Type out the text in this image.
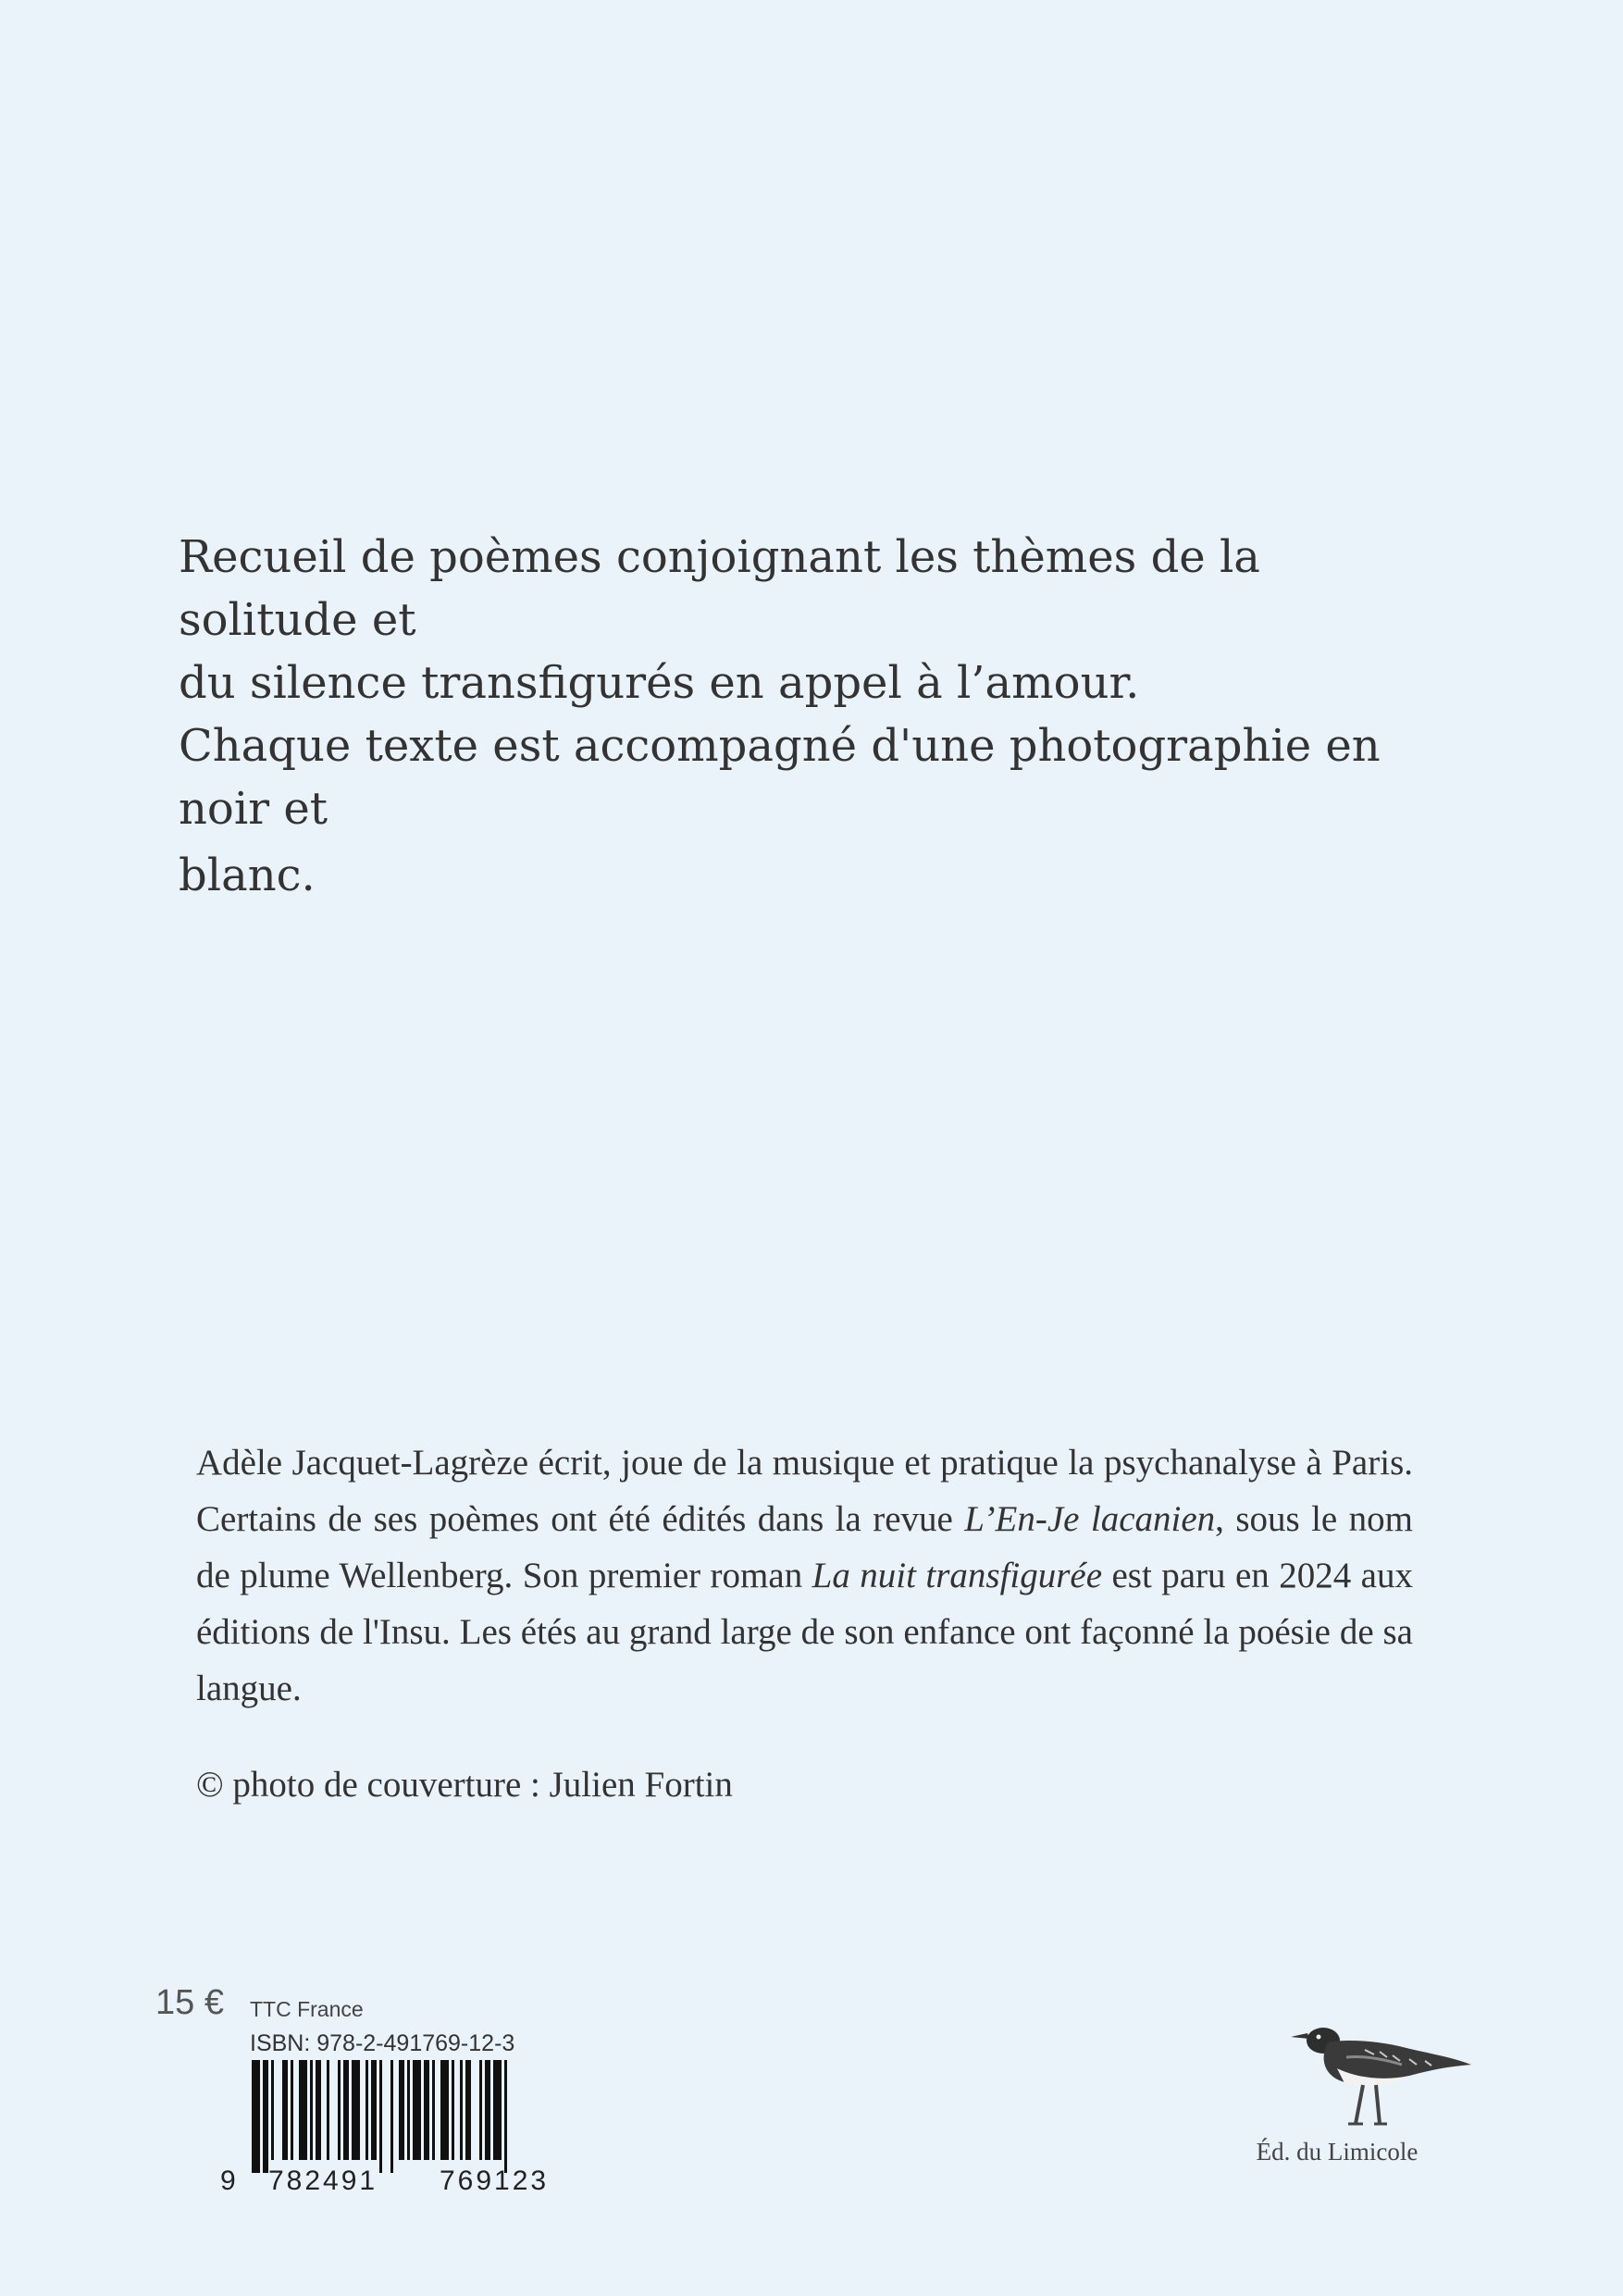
Recueil de poèmes conjoignant les thèmes de la solitude et

du silence transfigurés en appel à l’amour.

Chaque texte est accompagné d'une photographie en noir et

blanc.

Adèle Jacquet-Lagrèze écrit, joue de la musique et pratique la psychanalyse à Paris. Certains de ses poèmes ont été édités dans la revue L’En-Je lacanien, sous le nom de plume Wellenberg. Son premier roman La nuit transfigurée est paru en 2024 aux éditions de l'Insu. Les étés au grand large de son enfance ont façonné la poésie de sa langue.

© photo de couverture : Julien Fortin
15 € TTC France
ISBN: 978-2-491769-12-3
9 782491 769123
Éd. du Limicole
